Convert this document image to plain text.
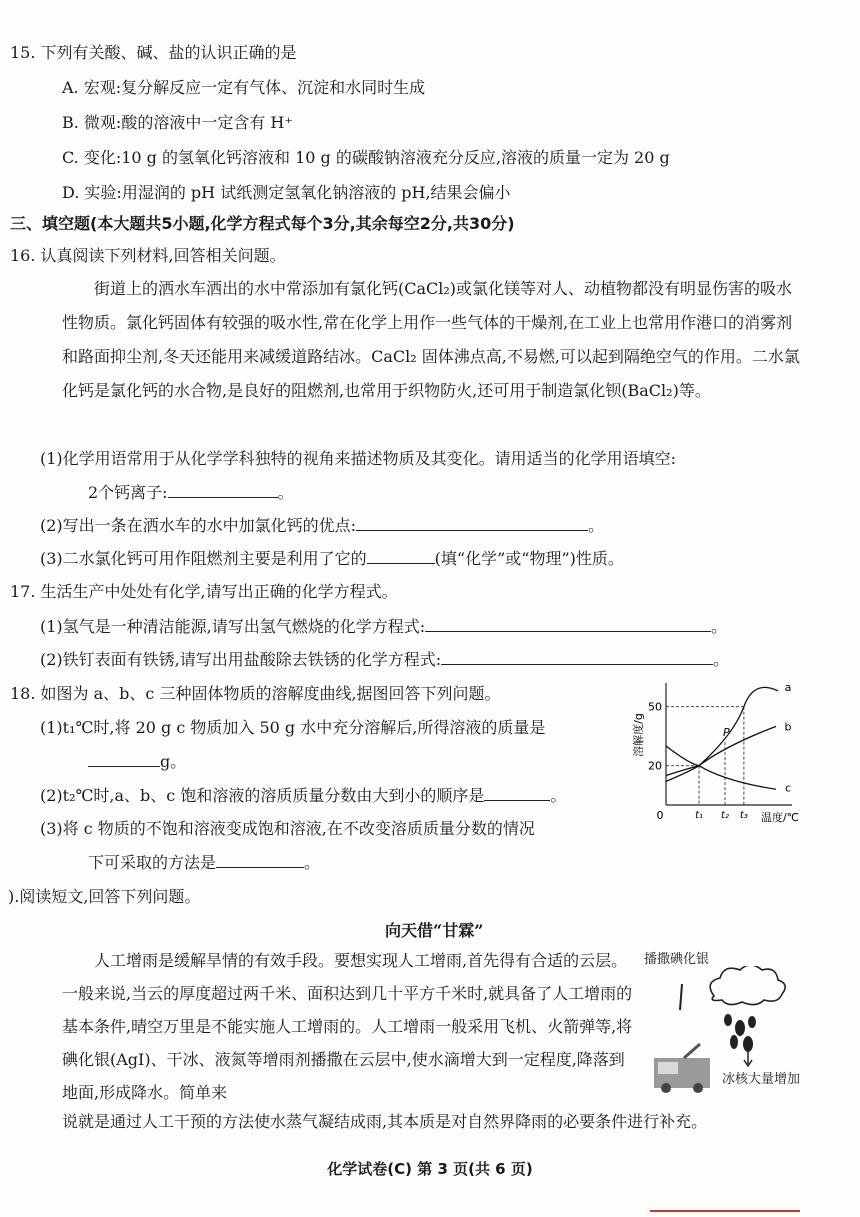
15. 下列有关酸、碱、盐的认识正确的是
A. 宏观:复分解反应一定有气体、沉淀和水同时生成
B. 微观:酸的溶液中一定含有 H⁺
C. 变化:10 g 的氢氧化钙溶液和 10 g 的碳酸钠溶液充分反应,溶液的质量一定为 20 g
D. 实验:用湿润的 pH 试纸测定氢氧化钠溶液的 pH,结果会偏小
三、填空题(本大题共5小题,化学方程式每个3分,其余每空2分,共30分)
16. 认真阅读下列材料,回答相关问题。
街道上的洒水车洒出的水中常添加有氯化钙(CaCl₂)或氯化镁等对人、动植物都没有明显伤害的吸水性物质。氯化钙固体有较强的吸水性,常在化学上用作一些气体的干燥剂,在工业上也常用作港口的消雾剂和路面抑尘剂,冬天还能用来减缓道路结冰。CaCl₂ 固体沸点高,不易燃,可以起到隔绝空气的作用。二水氯化钙是氯化钙的水合物,是良好的阻燃剂,也常用于织物防火,还可用于制造氯化钡(BaCl₂)等。
(1)化学用语常用于从化学学科独特的视角来描述物质及其变化。请用适当的化学用语填空:
2个钙离子:	。
(2)写出一条在洒水车的水中加氯化钙的优点:	。
(3)二水氯化钙可用作阻燃剂主要是利用了它的	(填“化学”或“物理”)性质。
17. 生活生产中处处有化学,请写出正确的化学方程式。
(1)氢气是一种清洁能源,请写出氢气燃烧的化学方程式:	。
(2)铁钉表面有铁锈,请写出用盐酸除去铁锈的化学方程式:	。
18. 如图为 a、b、c 三种固体物质的溶解度曲线,据图回答下列问题。
(1)t₁℃时,将 20 g c 物质加入 50 g 水中充分溶解后,所得溶液的质量是
g。
(2)t₂℃时,a、b、c 饱和溶液的溶质质量分数由大到小的顺序是	。
(3)将 c 物质的不饱和溶液变成饱和溶液,在不改变溶质质量分数的情况
下可采取的方法是	。
0
溶解度/g
温度/℃
t₁ t₂ t₃
20
50
a
b
c
P
).阅读短文,回答下列问题。
向天借“甘霖”
人工增雨是缓解旱情的有效手段。要想实现人工增雨,首先得有合适的云层。一般来说,当云的厚度超过两千米、面积达到几十平方千米时,就具备了人工增雨的基本条件,晴空万里是不能实施人工增雨的。人工增雨一般采用飞机、火箭弹等,将碘化银(AgI)、干冰、液氮等增雨剂播撒在云层中,使水滴增大到一定程度,降落到地面,形成降水。简单来
说就是通过人工干预的方法使水蒸气凝结成雨,其本质是对自然界降雨的必要条件进行补充。
播撒碘化银
冰核大量增加
化学试卷(C) 第 3 页(共 6 页)
